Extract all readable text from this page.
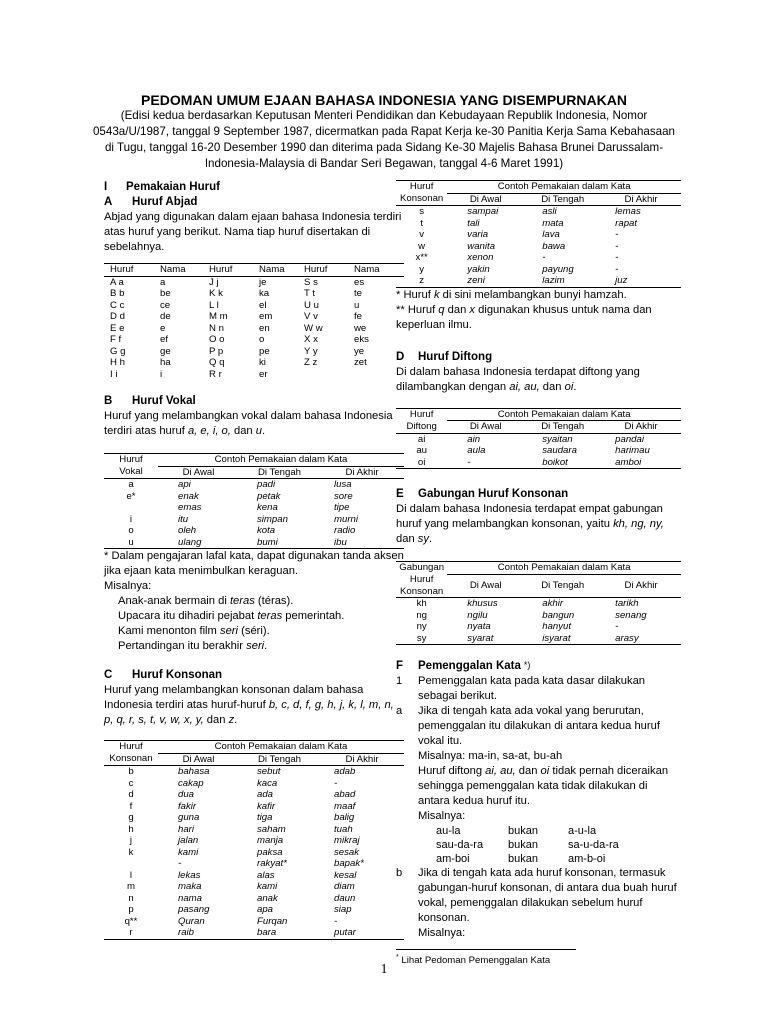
PEDOMAN UMUM EJAAN BAHASA INDONESIA YANG DISEMPURNAKAN
(Edisi kedua berdasarkan Keputusan Menteri Pendidikan dan Kebudayaan Republik Indonesia, Nomor 0543a/U/1987, tanggal 9 September 1987, dicermatkan pada Rapat Kerja ke-30 Panitia Kerja Sama Kebahasaan di Tugu, tanggal 16-20 Desember 1990 dan diterima pada Sidang Ke-30 Majelis Bahasa Brunei Darussalam-Indonesia-Malaysia di Bandar Seri Begawan, tanggal 4-6 Maret 1991)
I	Pemakaian Huruf
A	Huruf Abjad

Abjad yang digunakan dalam ejaan bahasa Indonesia terdiri atas huruf yang berikut. Nama tiap huruf disertakan di sebelahnya.

Huruf	Nama	Huruf	Nama	Huruf	Nama
A a	a	J j	je	S s	es
B b	be	K k	ka	T t	te
C c	ce	L l	el	U u	u
D d	de	M m	em	V v	fe
E e	e	N n	en	W w	we
F f	ef	O o	o	X x	eks
G g	ge	P p	pe	Y y	ye
H h	ha	Q q	ki	Z z	zet
I i	i	R r	er		
B	Huruf Vokal

Huruf yang melambangkan vokal dalam bahasa Indonesia terdiri atas huruf a, e, i, o, dan u.

Huruf	Contoh Pemakaian dalam Kata		
Vokal	Di Awal	Di Tengah	Di Akhir
a	api	padi	lusa
e*	enak	petak	sore
	emas	kena	tipe
i	itu	simpan	murni
o	oleh	kota	radio
u	ulang	bumi	ibu

* Dalam pengajaran lafal kata, dapat digunakan tanda aksen jika ejaan kata menimbulkan keraguan.

Misalnya:

Anak-anak bermain di teras (téras).

Upacara itu dihadiri pejabat teras pemerintah.

Kami menonton film seri (séri).

Pertandingan itu berakhir seri.

C	Huruf Konsonan

Huruf yang melambangkan konsonan dalam bahasa Indonesia terdiri atas huruf-huruf b, c, d, f, g, h, j, k, l, m, n, p, q, r, s, t, v, w, x, y, dan z.

Huruf	Contoh Pemakaian dalam Kata		
Konsonan	Di Awal	Di Tengah	Di Akhir
b	bahasa	sebut	adab
c	cakap	kaca	-
d	dua	ada	abad
f	fakir	kafir	maaf
g	guna	tiga	balig
h	hari	saham	tuah
j	jalan	manja	mikraj
k	kami	paksa	sesak
	-	rakyat*	bapak*
l	lekas	alas	kesal
m	maka	kami	diam
n	nama	anak	daun
p	pasang	apa	siap
q**	Quran	Furqan	-
r	raib	bara	putar
Huruf	Contoh Pemakaian dalam Kata		
Konsonan	Di Awal	Di Tengah	Di Akhir
s	sampai	asli	lemas
t	tali	mata	rapat
v	varia	lava	-
w	wanita	bawa	-
x**	xenon	-	-
y	yakin	payung	-
z	zeni	lazim	juz

* Huruf k di sini melambangkan bunyi hamzah.

** Huruf q dan x digunakan khusus untuk nama dan keperluan ilmu.

D	Huruf Diftong

Di dalam bahasa Indonesia terdapat diftong yang dilambangkan dengan ai, au, dan oi.

Huruf	Contoh Pemakaian dalam Kata		
Diftong	Di Awal	Di Tengah	Di Akhir
ai	ain	syaitan	pandai
au	aula	saudara	harimau
oi	-	boikot	amboi
E	Gabungan Huruf Konsonan

Di dalam bahasa Indonesia terdapat empat gabungan huruf yang melambangkan konsonan, yaitu kh, ng, ny, dan sy.

Gabungan	Contoh Pemakaian dalam Kata		
Huruf	Di Awal	Di Tengah	Di Akhir
Konsonan			
kh	khusus	akhir	tarikh
ng	ngilu	bangun	senang
ny	nyata	hanyut	-
sy	syarat	isyarat	arasy
F	Pemenggalan Kata *)
1	Pemenggalan kata pada kata dasar dilakukan sebagai berikut.
a	Jika di tengah kata ada vokal yang berurutan, pemenggalan itu dilakukan di antara kedua huruf vokal itu.

Misalnya: ma-in, sa-at, bu-ah

Huruf diftong ai, au, dan oi tidak pernah diceraikan sehingga pemenggalan kata tidak dilakukan di antara kedua huruf itu.

Misalnya:

au-la	bukan	a-u-la
sau-da-ra	bukan	sa-u-da-ra
am-boi	bukan	am-b-oi
b	Jika di tengah kata ada huruf konsonan, termasuk gabungan-huruf konsonan, di antara dua buah huruf vokal, pemenggalan dilakukan sebelum huruf konsonan.

Misalnya:

* Lihat Pedoman Pemenggalan Kata
1
